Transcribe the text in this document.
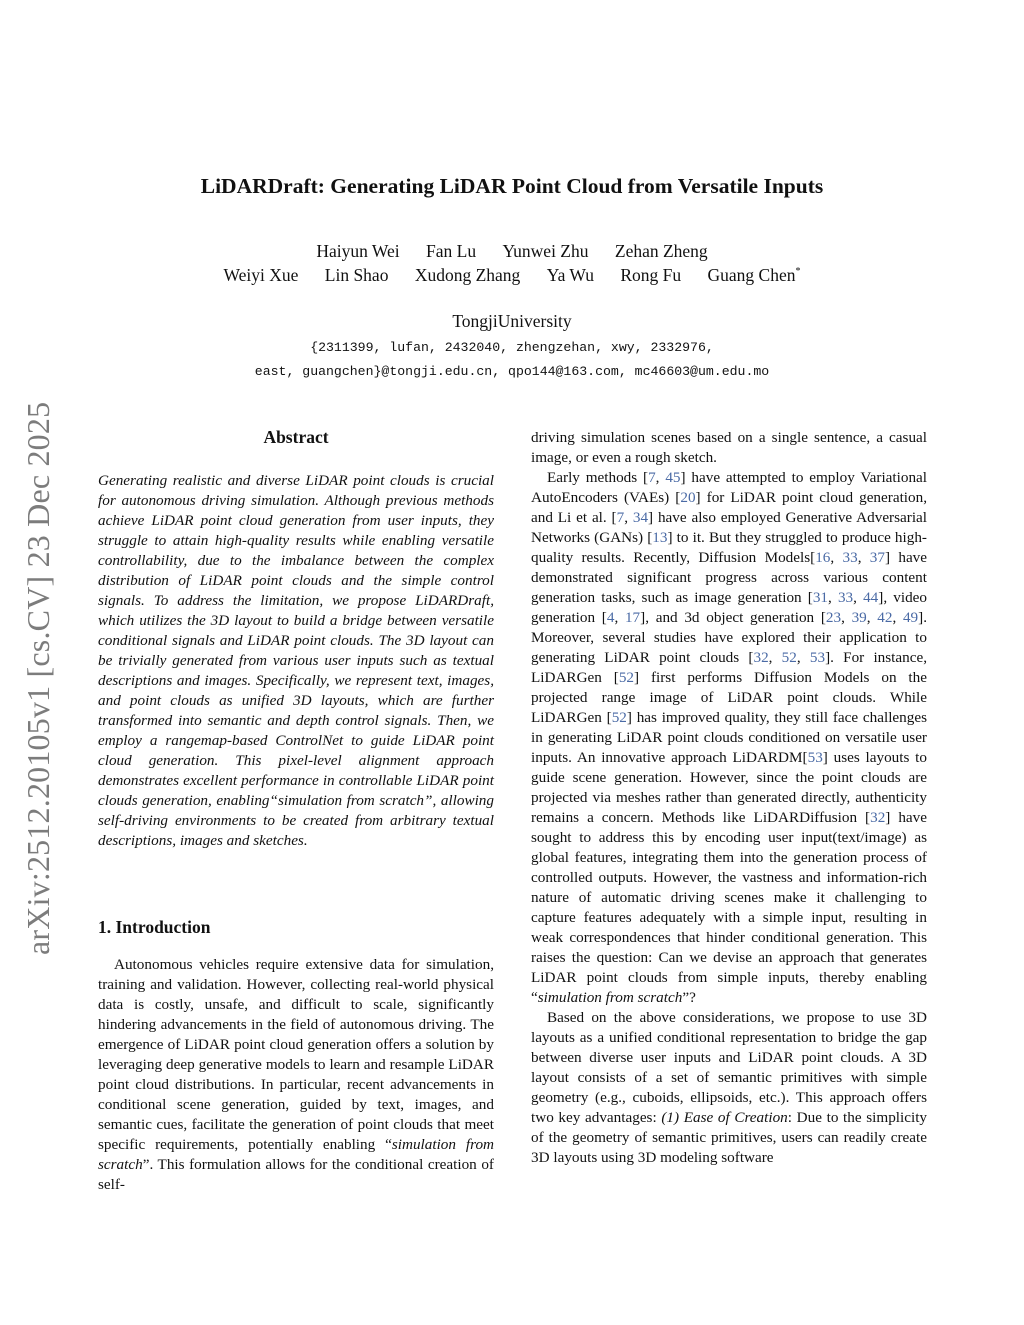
LiDARDraft: Generating LiDAR Point Cloud from Versatile Inputs
Haiyun Wei Fan Lu Yunwei Zhu Zehan Zheng
Weiyi Xue Lin Shao Xudong Zhang Ya Wu Rong Fu Guang Chen*
TongjiUniversity
{2311399, lufan, 2432040, zhengzehan, xwy, 2332976,
east, guangchen}@tongji.edu.cn, qpo144@163.com, mc46603@um.edu.mo
arXiv:2512.20105v1 [cs.CV] 23 Dec 2025	Abstract

Generating realistic and diverse LiDAR point clouds is crucial for autonomous driving simulation. Although previous methods achieve LiDAR point cloud generation from user inputs, they struggle to attain high-quality results while enabling versatile controllability, due to the imbalance between the complex distribution of LiDAR point clouds and the simple control signals. To address the limitation, we propose LiDARDraft, which utilizes the 3D layout to build a bridge between versatile conditional signals and LiDAR point clouds. The 3D layout can be trivially generated from various user inputs such as textual descriptions and images. Specifically, we represent text, images, and point clouds as unified 3D layouts, which are further transformed into semantic and depth control signals. Then, we employ a rangemap-based ControlNet to guide LiDAR point cloud generation. This pixel-level alignment approach demonstrates excellent performance in controllable LiDAR point clouds generation, enabling“simulation from scratch”, allowing self-driving environments to be created from arbitrary textual descriptions, images and sketches.

1. Introduction

Autonomous vehicles require extensive data for simulation, training and validation. However, collecting real-world physical data is costly, unsafe, and difficult to scale, significantly hindering advancements in the field of autonomous driving. The emergence of LiDAR point cloud generation offers a solution by leveraging deep generative models to learn and resample LiDAR point cloud distributions. In particular, recent advancements in conditional scene generation, guided by text, images, and semantic cues, facilitate the generation of point clouds that meet specific requirements, potentially enabling “simulation from scratch”. This formulation allows for the conditional creation of self-

driving simulation scenes based on a single sentence, a casual image, or even a rough sketch.

Early methods [7, 45] have attempted to employ Variational AutoEncoders (VAEs) [20] for LiDAR point cloud generation, and Li et al. [7, 34] have also employed Generative Adversarial Networks (GANs) [13] to it. But they struggled to produce high-quality results. Recently, Diffusion Models[16, 33, 37] have demonstrated significant progress across various content generation tasks, such as image generation [31, 33, 44], video generation [4, 17], and 3d object generation [23, 39, 42, 49]. Moreover, several studies have explored their application to generating LiDAR point clouds [32, 52, 53]. For instance, LiDARGen [52] first performs Diffusion Models on the projected range image of LiDAR point clouds. While LiDARGen [52] has improved quality, they still face challenges in generating LiDAR point clouds conditioned on versatile user inputs. An innovative approach LiDARDM[53] uses layouts to guide scene generation. However, since the point clouds are projected via meshes rather than generated directly, authenticity remains a concern. Methods like LiDARDiffusion [32] have sought to address this by encoding user input(text/image) as global features, integrating them into the generation process of controlled outputs. However, the vastness and information-rich nature of automatic driving scenes make it challenging to capture features adequately with a simple input, resulting in weak correspondences that hinder conditional generation. This raises the question: Can we devise an approach that generates LiDAR point clouds from simple inputs, thereby enabling “simulation from scratch”?

Based on the above considerations, we propose to use 3D layouts as a unified conditional representation to bridge the gap between diverse user inputs and LiDAR point clouds. A 3D layout consists of a set of semantic primitives with simple geometry (e.g., cuboids, ellipsoids, etc.). This approach offers two key advantages: (1) Ease of Creation: Due to the simplicity of the geometry of semantic primitives, users can readily create 3D layouts using 3D modeling software
